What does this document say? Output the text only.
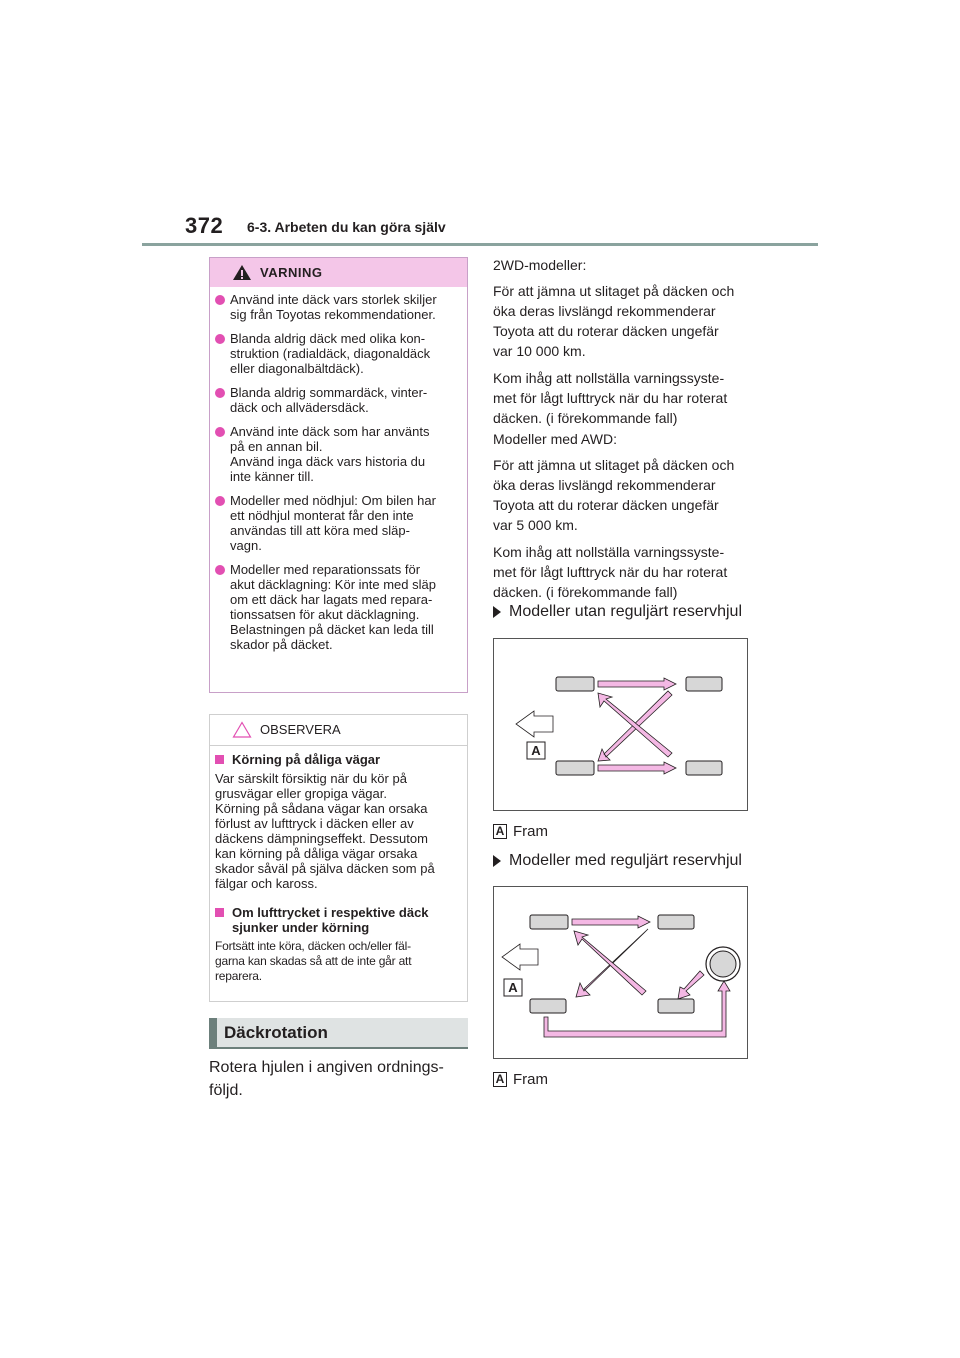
372 6-3. Arbeten du kan göra själv
VARNING
Använd inte däck vars storlek skiljer
sig från Toyotas rekommendationer.
Blanda aldrig däck med olika kon-
struktion (radialdäck, diagonaldäck
eller diagonalbältdäck).
Blanda aldrig sommardäck, vinter-
däck och allvädersdäck.
Använd inte däck som har använts
på en annan bil.
Använd inga däck vars historia du
inte känner till.
Modeller med nödhjul: Om bilen har
ett nödhjul monterat får den inte
användas till att köra med släp-
vagn.
Modeller med reparationssats för
akut däcklagning: Kör inte med släp
om ett däck har lagats med repara-
tionssatsen för akut däcklagning.
Belastningen på däcket kan leda till
skador på däcket.
OBSERVERA
Körning på dåliga vägar
Var särskilt försiktig när du kör på
grusvägar eller gropiga vägar.
Körning på sådana vägar kan orsaka
förlust av lufttryck i däcken eller av
däckens dämpningseffekt. Dessutom
kan körning på dåliga vägar orsaka
skador såväl på själva däcken som på
fälgar och kaross.
Om lufttrycket i respektive däck
sjunker under körning
Fortsätt inte köra, däcken och/eller fäl-
garna kan skadas så att de inte går att
reparera.
Däckrotation
Rotera hjulen i angiven ordnings-
följd.
2WD-modeller:
För att jämna ut slitaget på däcken och
öka deras livslängd rekommenderar
Toyota att du roterar däcken ungefär
var 10 000 km.
Kom ihåg att nollställa varningssyste-
met för lågt lufttryck när du har roterat
däcken. (i förekommande fall)
Modeller med AWD:
För att jämna ut slitaget på däcken och
öka deras livslängd rekommenderar
Toyota att du roterar däcken ungefär
var 5 000 km.
Kom ihåg att nollställa varningssyste-
met för lågt lufttryck när du har roterat
däcken. (i förekommande fall)
Modeller utan reguljärt reservhjul
A
A Fram
Modeller med reguljärt reservhjul
A
A Fram
